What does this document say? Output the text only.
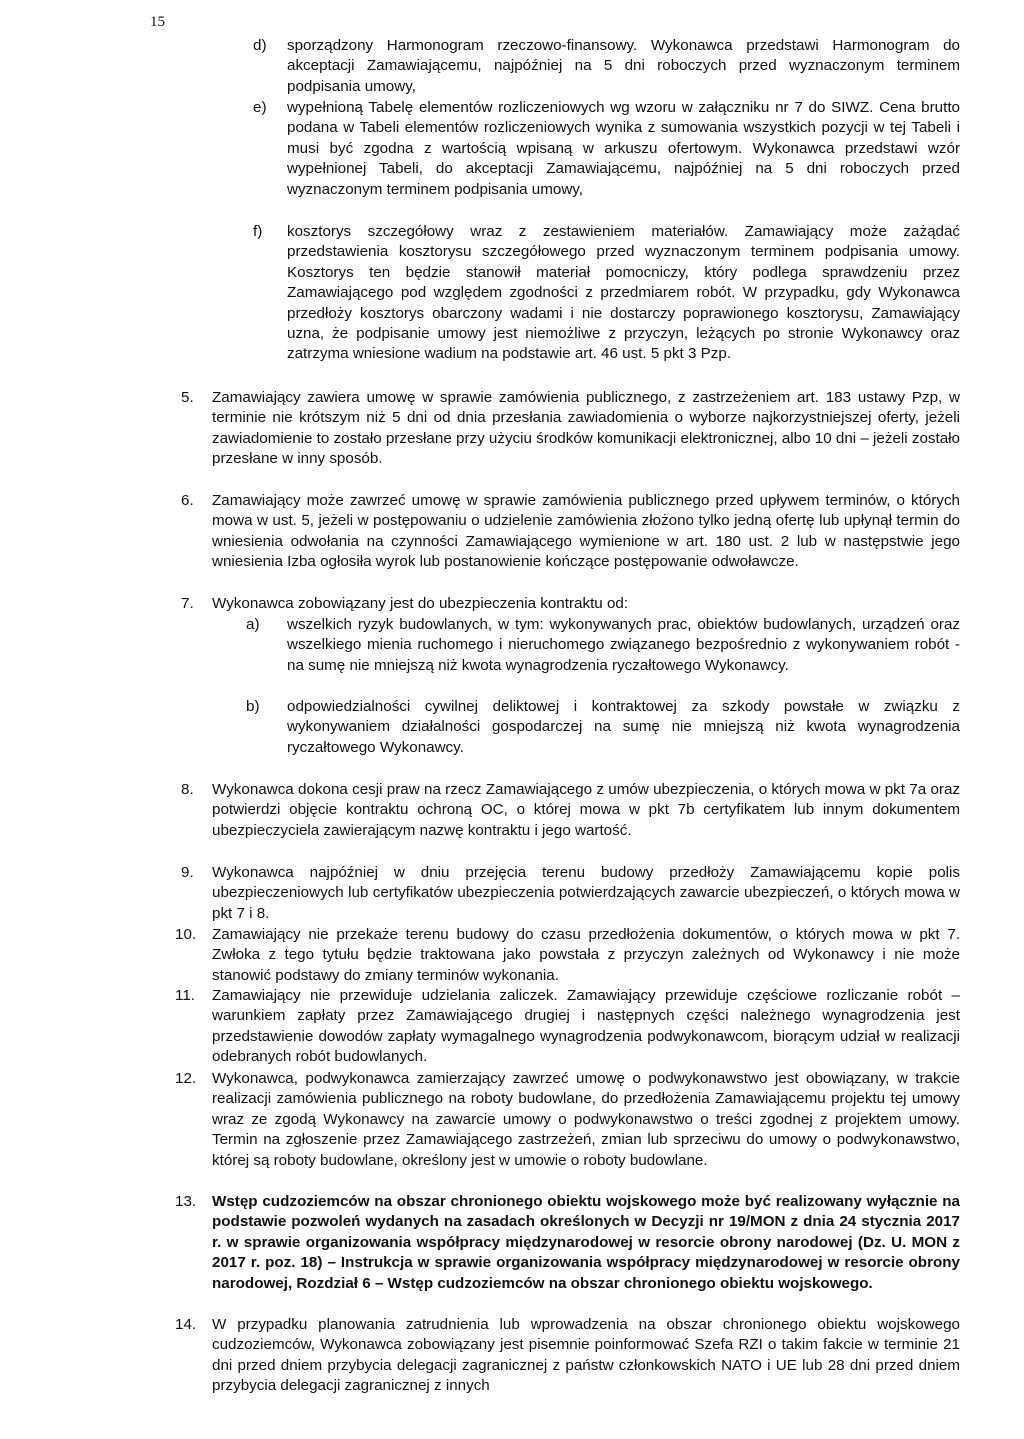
15
d) sporządzony Harmonogram rzeczowo-finansowy. Wykonawca przedstawi Harmonogram do akceptacji Zamawiającemu, najpóźniej na 5 dni roboczych przed wyznaczonym terminem podpisania umowy,
e) wypełnioną Tabelę elementów rozliczeniowych wg wzoru w załączniku nr 7 do SIWZ. Cena brutto podana w Tabeli elementów rozliczeniowych wynika z sumowania wszystkich pozycji w tej Tabeli i musi być zgodna z wartością wpisaną w arkuszu ofertowym. Wykonawca przedstawi wzór wypełnionej Tabeli, do akceptacji Zamawiającemu, najpóźniej na 5 dni roboczych przed wyznaczonym terminem podpisania umowy,
f) kosztorys szczegółowy wraz z zestawieniem materiałów. Zamawiający może zażądać przedstawienia kosztorysu szczegółowego przed wyznaczonym terminem podpisania umowy. Kosztorys ten będzie stanowił materiał pomocniczy, który podlega sprawdzeniu przez Zamawiającego pod względem zgodności z przedmiarem robót. W przypadku, gdy Wykonawca przedłoży kosztorys obarczony wadami i nie dostarczy poprawionego kosztorysu, Zamawiający uzna, że podpisanie umowy jest niemożliwe z przyczyn, leżących po stronie Wykonawcy oraz zatrzyma wniesione wadium na podstawie art. 46 ust. 5 pkt 3 Pzp.
5. Zamawiający zawiera umowę w sprawie zamówienia publicznego, z zastrzeżeniem art. 183 ustawy Pzp, w terminie nie krótszym niż 5 dni od dnia przesłania zawiadomienia o wyborze najkorzystniejszej oferty, jeżeli zawiadomienie to zostało przesłane przy użyciu środków komunikacji elektronicznej, albo 10 dni – jeżeli zostało przesłane w inny sposób.
6. Zamawiający może zawrzeć umowę w sprawie zamówienia publicznego przed upływem terminów, o których mowa w ust. 5, jeżeli w postępowaniu o udzielenie zamówienia złożono tylko jedną ofertę lub upłynął termin do wniesienia odwołania na czynności Zamawiającego wymienione w art. 180 ust. 2 lub w następstwie jego wniesienia Izba ogłosiła wyrok lub postanowienie kończące postępowanie odwoławcze.
7. Wykonawca zobowiązany jest do ubezpieczenia kontraktu od:
a) wszelkich ryzyk budowlanych, w tym: wykonywanych prac, obiektów budowlanych, urządzeń oraz wszelkiego mienia ruchomego i nieruchomego związanego bezpośrednio z wykonywaniem robót - na sumę nie mniejszą niż kwota wynagrodzenia ryczałtowego Wykonawcy.
b) odpowiedzialności cywilnej deliktowej i kontraktowej za szkody powstałe w związku z wykonywaniem działalności gospodarczej na sumę nie mniejszą niż kwota wynagrodzenia ryczałtowego Wykonawcy.
8. Wykonawca dokona cesji praw na rzecz Zamawiającego z umów ubezpieczenia, o których mowa w pkt 7a oraz potwierdzi objęcie kontraktu ochroną OC, o której mowa w pkt 7b certyfikatem lub innym dokumentem ubezpieczyciela zawierającym nazwę kontraktu i jego wartość.
9. Wykonawca najpóźniej w dniu przejęcia terenu budowy przedłoży Zamawiającemu kopie polis ubezpieczeniowych lub certyfikatów ubezpieczenia potwierdzających zawarcie ubezpieczeń, o których mowa w pkt 7 i 8.
10. Zamawiający nie przekaże terenu budowy do czasu przedłożenia dokumentów, o których mowa w pkt 7. Zwłoka z tego tytułu będzie traktowana jako powstała z przyczyn zależnych od Wykonawcy i nie może stanowić podstawy do zmiany terminów wykonania.
11. Zamawiający nie przewiduje udzielania zaliczek. Zamawiający przewiduje częściowe rozliczanie robót – warunkiem zapłaty przez Zamawiającego drugiej i następnych części należnego wynagrodzenia jest przedstawienie dowodów zapłaty wymagalnego wynagrodzenia podwykonawcom, biorącym udział w realizacji odebranych robót budowlanych.
12. Wykonawca, podwykonawca zamierzający zawrzeć umowę o podwykonawstwo jest obowiązany, w trakcie realizacji zamówienia publicznego na roboty budowlane, do przedłożenia Zamawiającemu projektu tej umowy wraz ze zgodą Wykonawcy na zawarcie umowy o podwykonawstwo o treści zgodnej z projektem umowy. Termin na zgłoszenie przez Zamawiającego zastrzeżeń, zmian lub sprzeciwu do umowy o podwykonawstwo, której są roboty budowlane, określony jest w umowie o roboty budowlane.
13. Wstęp cudzoziemców na obszar chronionego obiektu wojskowego może być realizowany wyłącznie na podstawie pozwoleń wydanych na zasadach określonych w Decyzji nr 19/MON z dnia 24 stycznia 2017 r. w sprawie organizowania współpracy międzynarodowej w resorcie obrony narodowej (Dz. U. MON z 2017 r. poz. 18) – Instrukcja w sprawie organizowania współpracy międzynarodowej w resorcie obrony narodowej, Rozdział 6 – Wstęp cudzoziemców na obszar chronionego obiektu wojskowego.
14. W przypadku planowania zatrudnienia lub wprowadzenia na obszar chronionego obiektu wojskowego cudzoziemców, Wykonawca zobowiązany jest pisemnie poinformować Szefa RZI o takim fakcie w terminie 21 dni przed dniem przybycia delegacji zagranicznej z państw członkowskich NATO i UE lub 28 dni przed dniem przybycia delegacji zagranicznej z innych
